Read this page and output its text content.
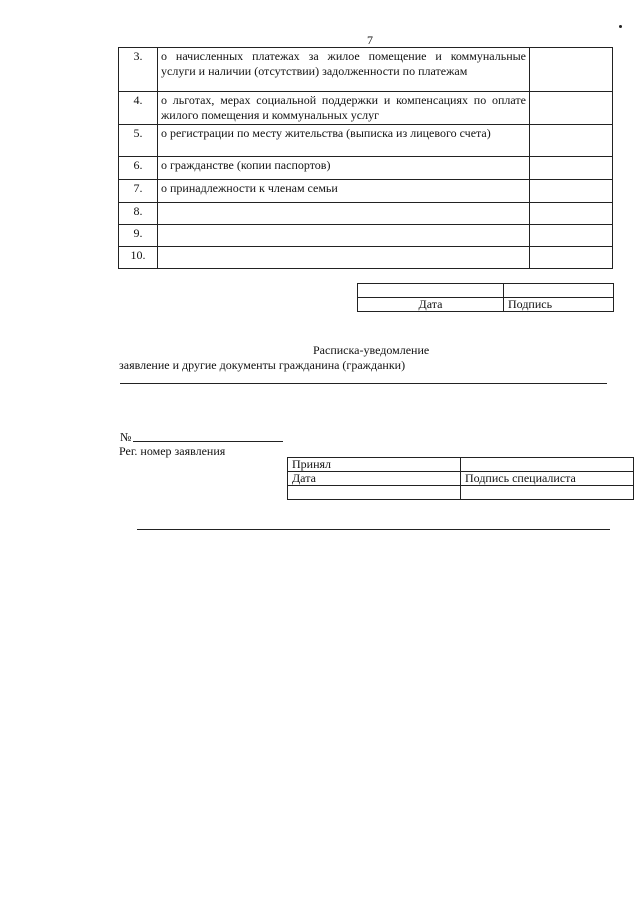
7
3.	о начисленных платежах за жилое помещение и коммунальные
услуги и наличии (отсутствии) задолженности по платежам	
4.	о льготах, мерах социальной поддержки и компенсациях по оплате
жилого помещения и коммунальных услуг	
5.	о регистрации по месту жительства (выписка из лицевого счета)	
6.	о гражданстве (копии паспортов)	
7.	о принадлежности к членам семьи	
8.		
9.		
10.		

Дата	Подпись
Расписка-уведомление
заявление и другие документы гражданина (гражданки)
№
Рег. номер заявления
Принял	
Дата	Подпись специалиста
